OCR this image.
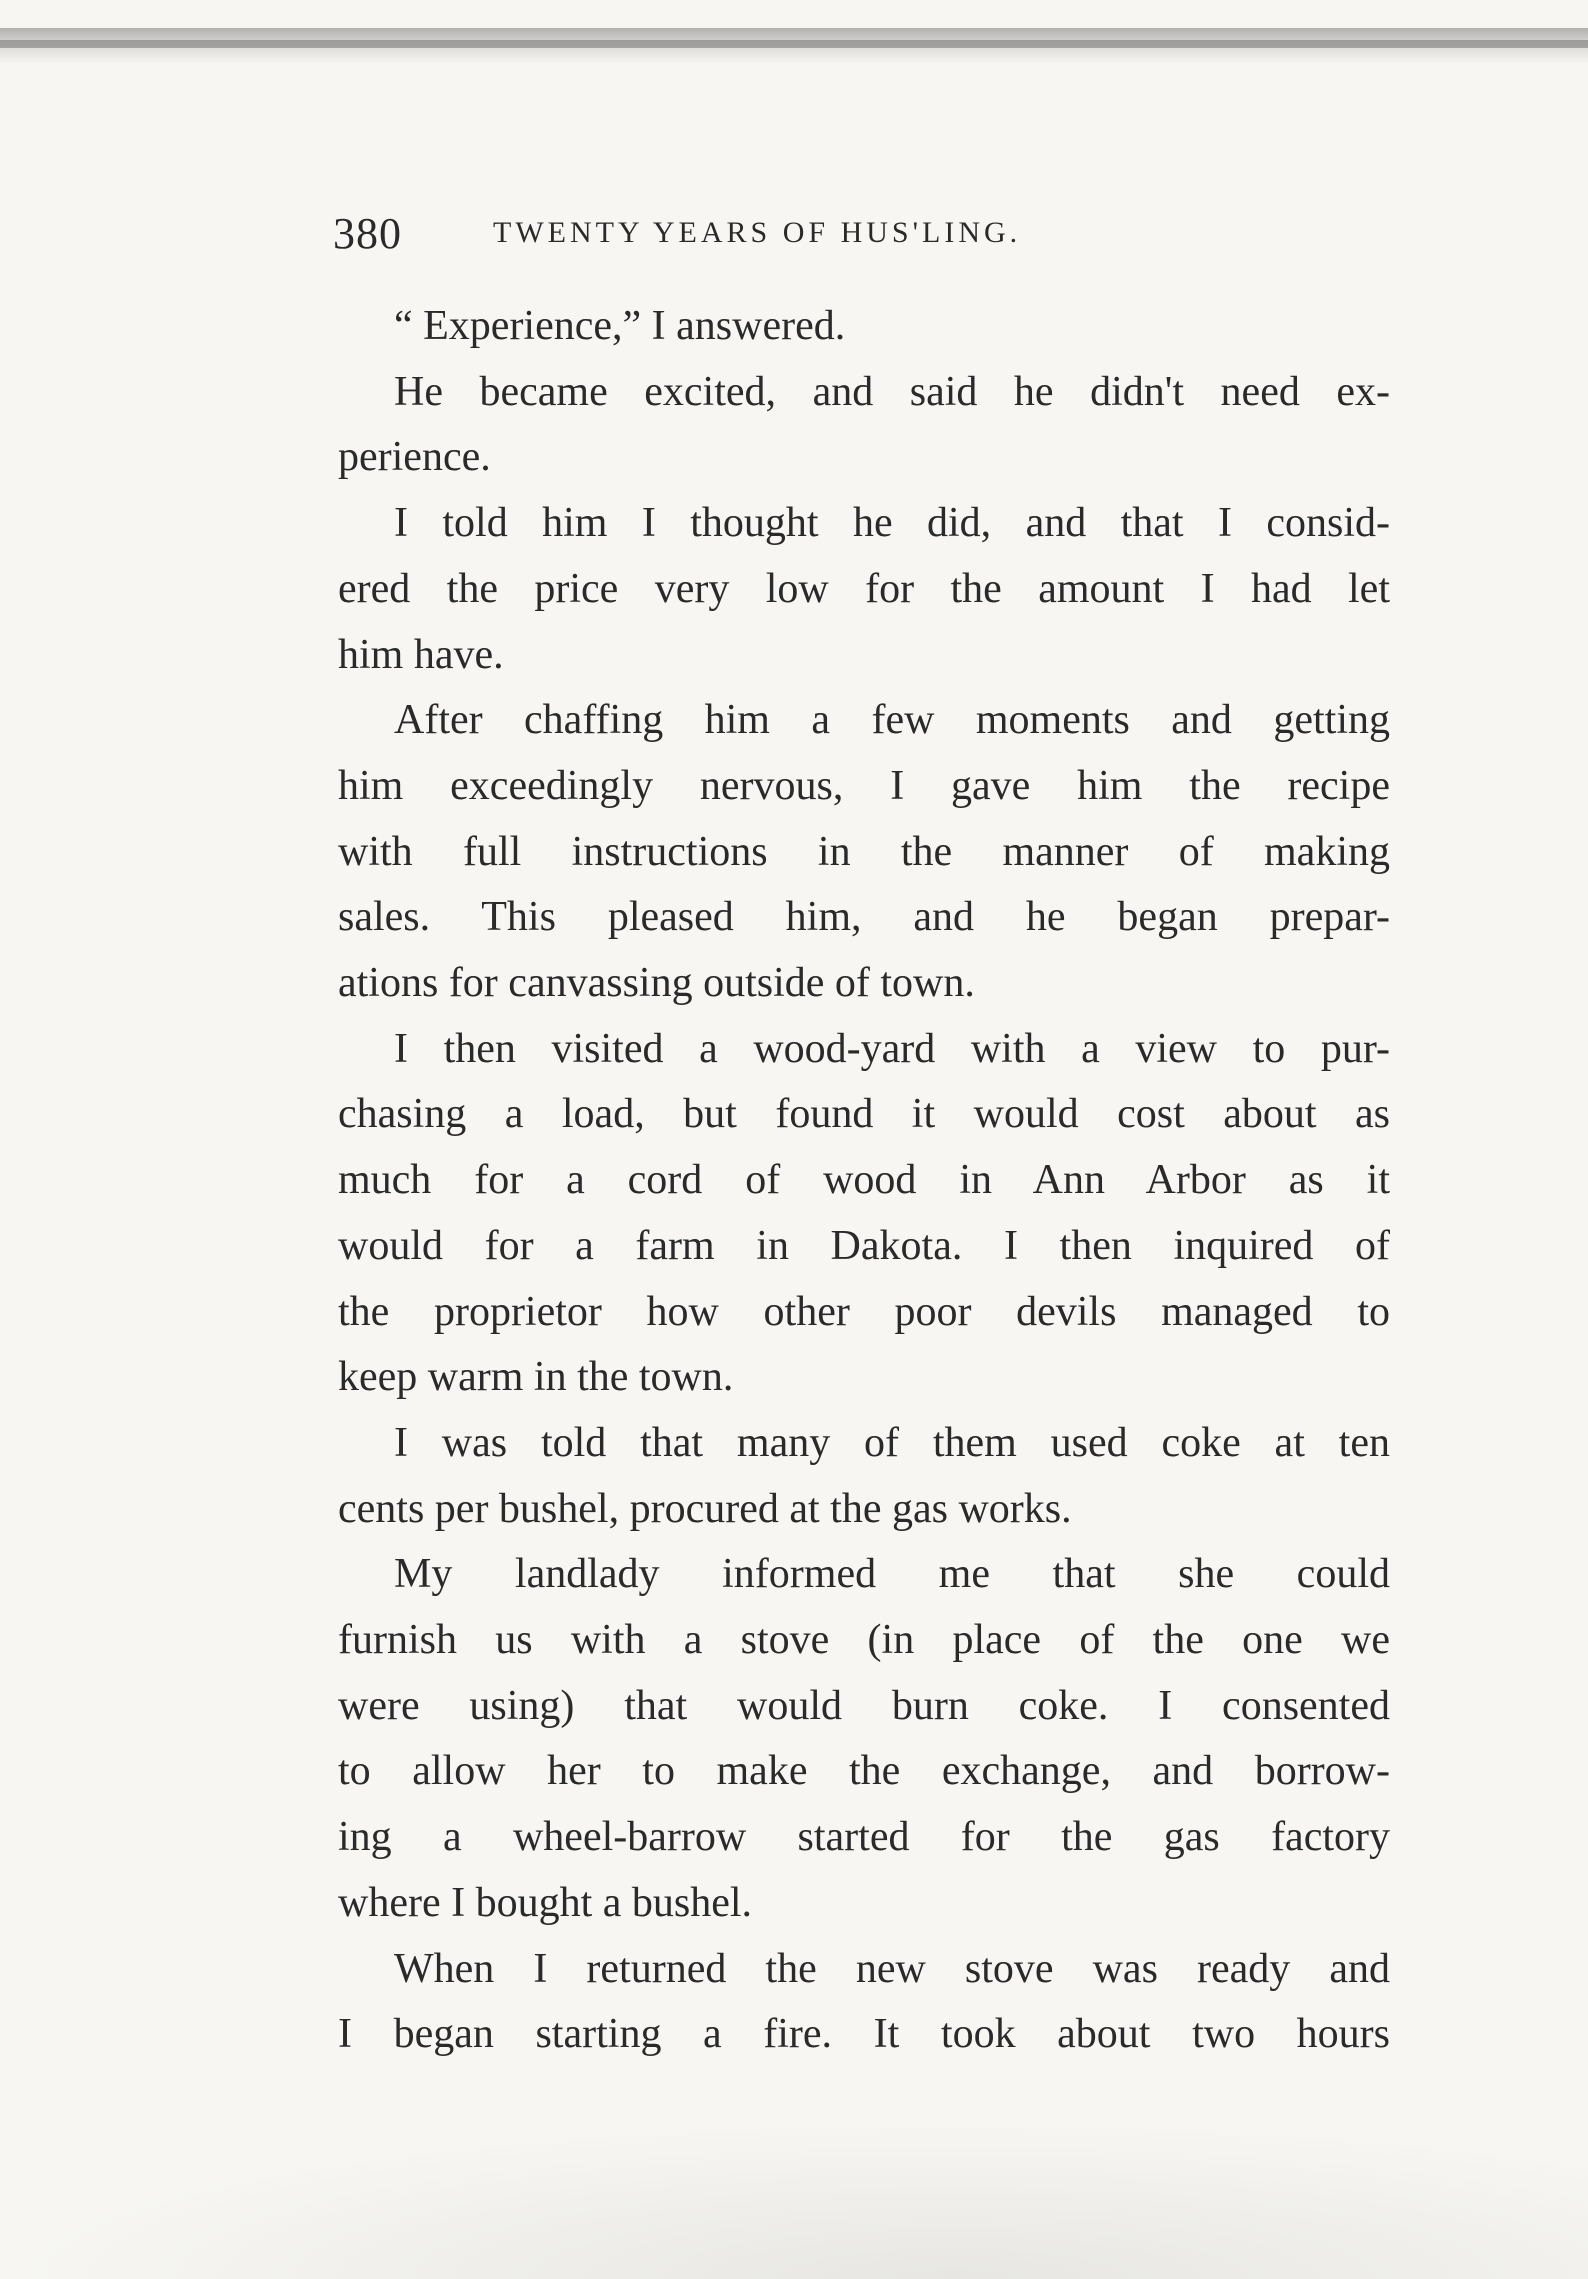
380	TWENTY YEARS OF HUS'LING.
“ Experience,” I answered.
He became excited, and said he didn't need ex-
perience.
I told him I thought he did, and that I consid-
ered the price very low for the amount I had let
him have.
After chaffing him a few moments and getting
him exceedingly nervous, I gave him the recipe
with full instructions in the manner of making
sales. This pleased him, and he began prepar-
ations for canvassing outside of town.
I then visited a wood-yard with a view to pur-
chasing a load, but found it would cost about as
much for a cord of wood in Ann Arbor as it
would for a farm in Dakota. I then inquired of
the proprietor how other poor devils managed to
keep warm in the town.
I was told that many of them used coke at ten
cents per bushel, procured at the gas works.
My landlady informed me that she could
furnish us with a stove (in place of the one we
were using) that would burn coke. I consented
to allow her to make the exchange, and borrow-
ing a wheel-barrow started for the gas factory
where I bought a bushel.
When I returned the new stove was ready and
I began starting a fire. It took about two hours
